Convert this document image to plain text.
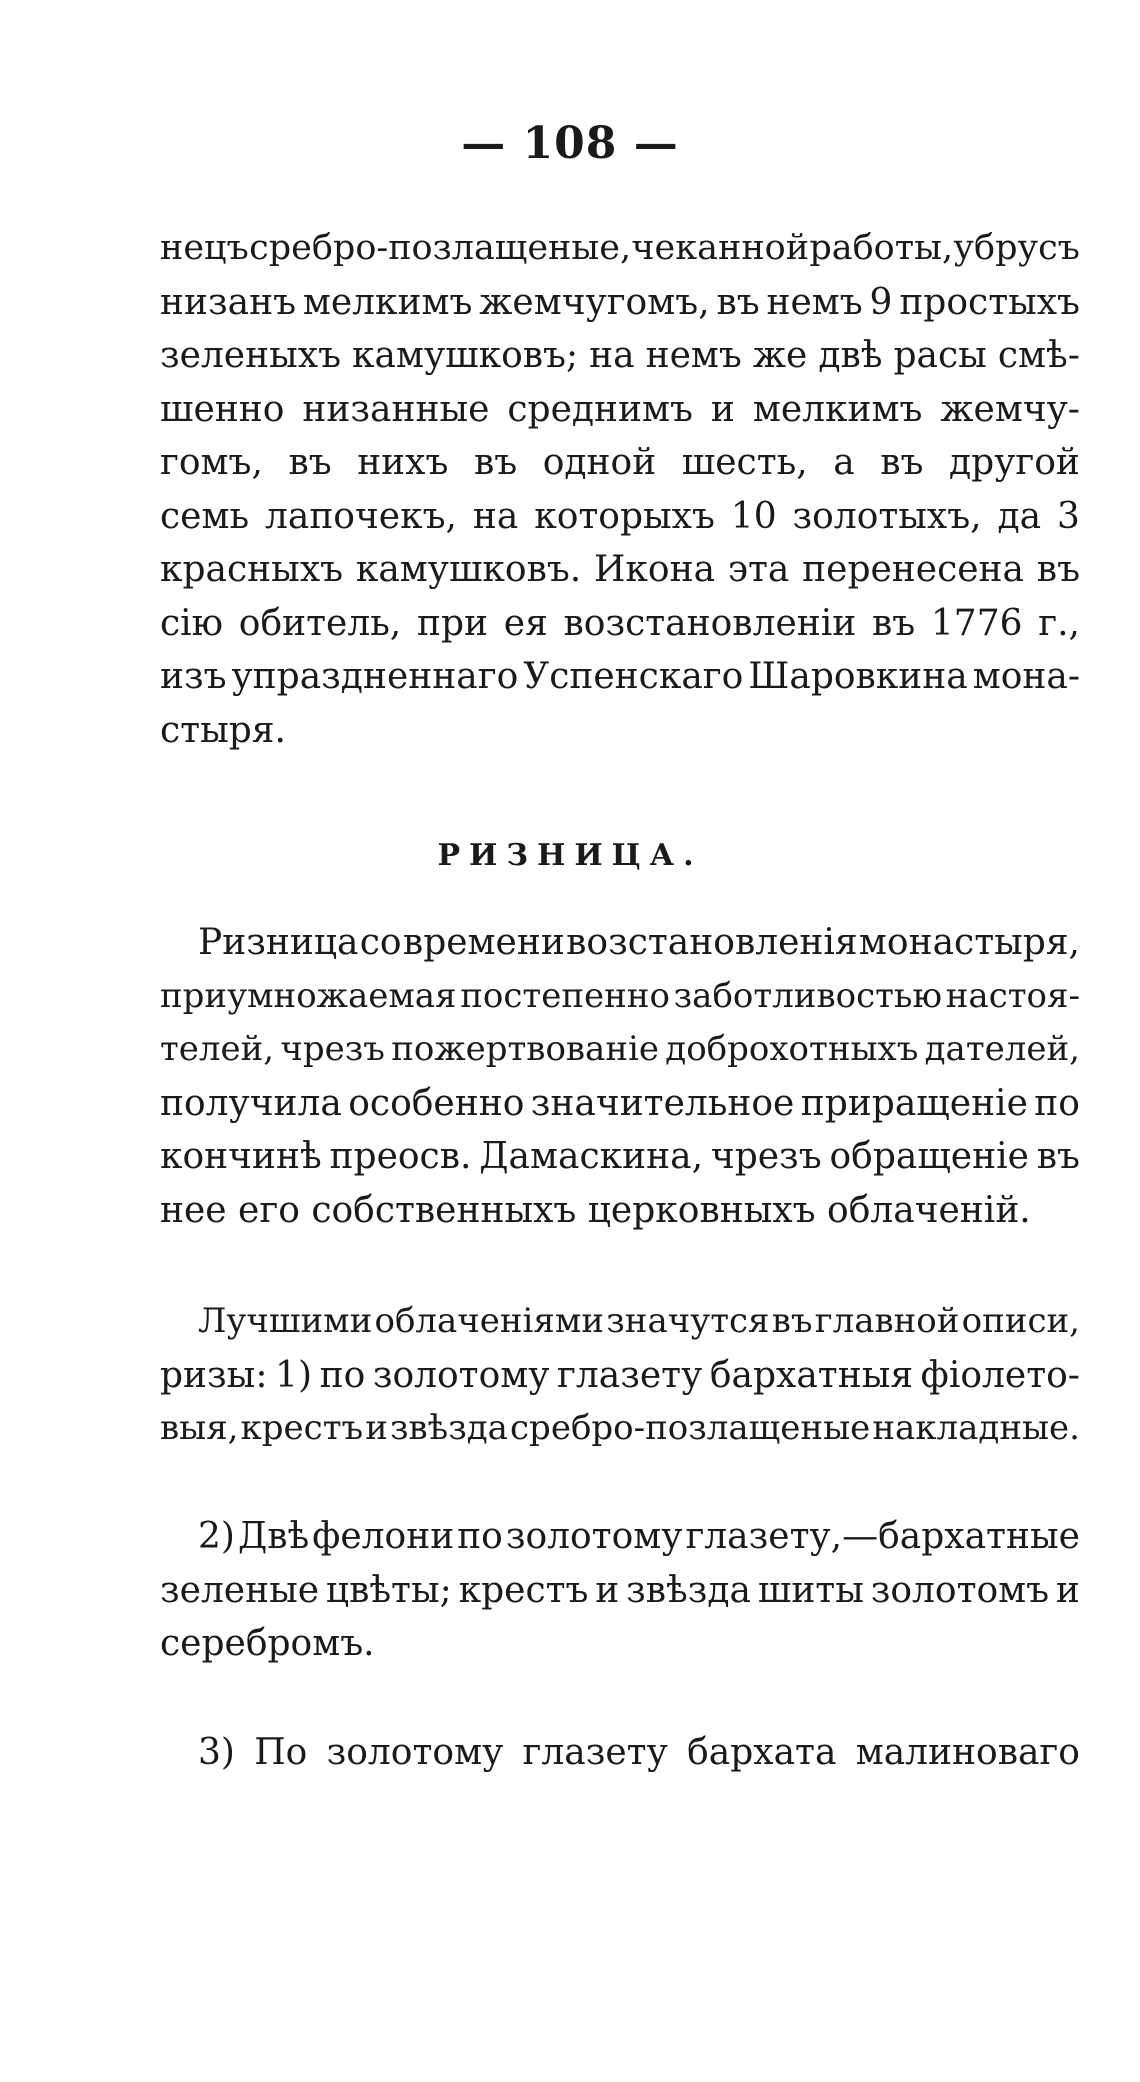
— 108 —
нецъ сребро-позлащеные, чеканной работы, убрусъ
низанъ мелкимъ жемчугомъ, въ немъ 9 простыхъ
зеленыхъ камушковъ; на немъ же двѣ расы смѣ-
шенно низанные среднимъ и мелкимъ жемчу-
гомъ, въ нихъ въ одной шесть, а въ другой
семь лапочекъ, на которыхъ 10 золотыхъ, да 3
красныхъ камушковъ. Икона эта перенесена въ
сію обитель, при ея возстановленіи въ 1776 г.,
изъ упраздненнаго Успенскаго Шаровкина мона-
стыря.
РИЗНИЦА.
Ризница со времени возстановленія монастыря,
приумножаемая постепенно заботливостью настоя-
телей, чрезъ пожертвованіе доброхотныхъ дателей,
получила особенно значительное приращеніе по
кончинѣ преосв. Дамаскина, чрезъ обращеніе въ
нее его собственныхъ церковныхъ облаченій.
Лучшими облаченіями значутся въ главной описи,
ризы: 1) по золотому глазету бархатныя фіолето-
выя, крестъ и звѣзда сребро-позлащеные накладные.
2) Двѣ фелони по золотому глазету,—бархатные
зеленые цвѣты; крестъ и звѣзда шиты золотомъ и
серебромъ.
3) По золотому глазету бархата малиноваго
